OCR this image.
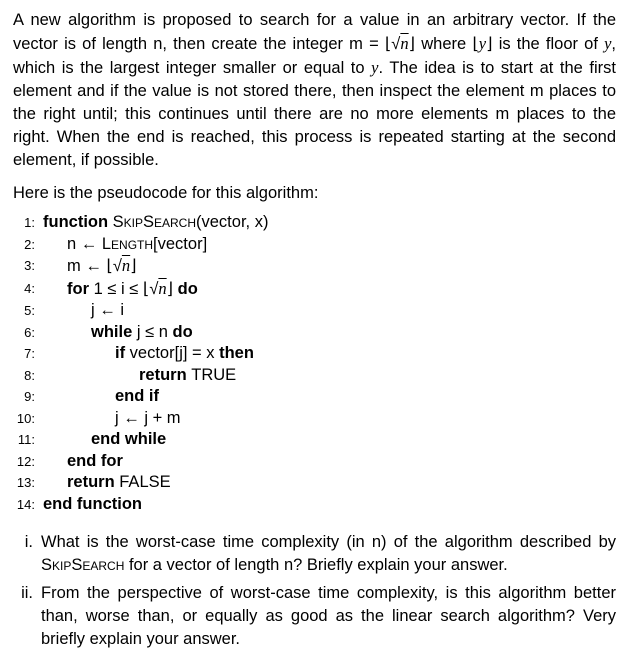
A new algorithm is proposed to search for a value in an arbitrary vector. If the vector is of length n, then create the integer m = ⌊√n⌋ where ⌊y⌋ is the floor of y, which is the largest integer smaller or equal to y. The idea is to start at the first element and if the value is not stored there, then inspect the element m places to the right until; this continues until there are no more elements m places to the right. When the end is reached, this process is repeated starting at the second element, if possible.

Here is the pseudocode for this algorithm:

1: function SkipSearch(vector, x)
2:	n ← Length[vector]
3:	m ← ⌊√n⌋
4:	for 1 ≤ i ≤ ⌊√n⌋ do
5:	j ← i
6:	while j ≤ n do
7:	if vector[j] = x then
8:	return TRUE
9:	end if
10:	j ← j + m
11:	end while
12:	end for
13:	return FALSE
14: end function
i. What is the worst-case time complexity (in n) of the algorithm described by SkipSearch for a vector of length n? Briefly explain your answer.
ii. From the perspective of worst-case time complexity, is this algorithm better than, worse than, or equally as good as the linear search algorithm? Very briefly explain your answer.
